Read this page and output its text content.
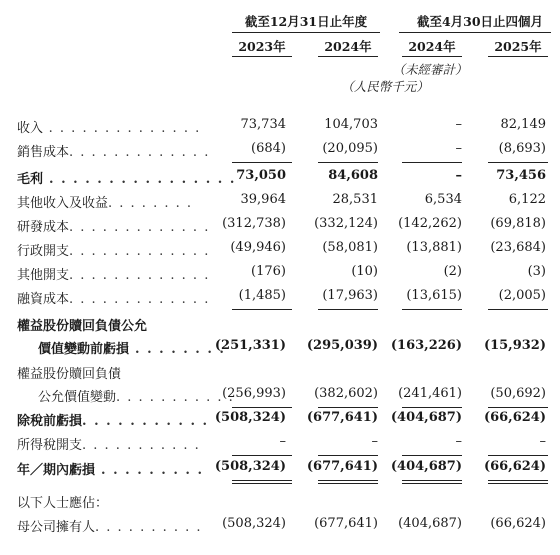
截至12月31日止年度	截至4月30日止四個月
2023年	2024年	2024年	2025年
（未經審計）
（人民幣千元）
收入 . . . . . . . . . . . . . .	73,734	104,703	–	82,149
銷售成本. . . . . . . . . . . . .	(684)	(20,095)	–	(8,693)
毛利 . . . . . . . . . . . . . . . . 73,050	84,608	–	73,456
其他收入及收益. . . . . . . .	39,964	28,531	6,534	6,122
研發成本. . . . . . . . . . . . . (312,738)	(332,124)	(142,262)	(69,818)
行政開支. . . . . . . . . . . . .	(49,946)	(58,081)	(13,881)	(23,684)
其他開支. . . . . . . . . . . . .	(176)	(10)	(2)	(3)
融資成本. . . . . . . . . . . . .	(1,485)	(17,963)	(13,615)	(2,005)
權益股份贖回負債公允
價值變動前虧損 . . . . . . . .
(251,331)	(295,039) (163,226)	(15,932)
權益股份贖回負債
公允價值變動. . . . . . . . . . .
(256,993)	(382,602)	(241,461)	(50,692)
除稅前虧損. . . . . . . . . . . (508,324)	(677,641) (404,687)	(66,624)
所得稅開支. . . . . . . . . . .	–	–	–	–
年／期內虧損 . . . . . . . . . (508,324)	(677,641) (404,687)	(66,624)
以下人士應佔：
母公司擁有人. . . . . . . . . .	(508,324)	(677,641)	(404,687)	(66,624)
